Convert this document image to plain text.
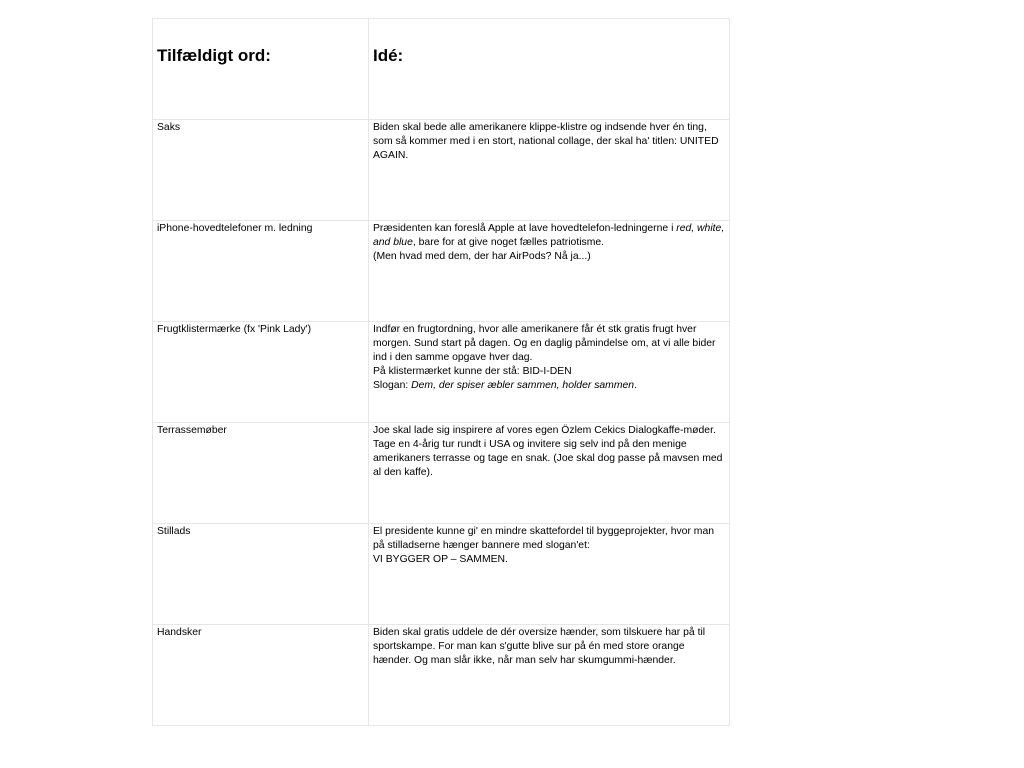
Tilfældigt ord:	Idé:
Saks	Biden skal bede alle amerikanere klippe-klistre og indsende hver én ting, som så kommer med i en stort, national collage, der skal ha' titlen: UNITED AGAIN.

iPhone-hovedtelefoner m. ledning	Præsidenten kan foreslå Apple at lave hovedtelefon-ledningerne i red, white, and blue, bare for at give noget fælles patriotisme.
(Men hvad med dem, der har AirPods? Nå ja...)

Frugtklistermærke (fx 'Pink Lady')	Indfør en frugtordning, hvor alle amerikanere får ét stk gratis frugt hver morgen. Sund start på dagen. Og en daglig påmindelse om, at vi alle bider ind i den samme opgave hver dag.
På klistermærket kunne der stå: BID-I-DEN
Slogan: Dem, der spiser æbler sammen, holder sammen.

Terrassemøber	Joe skal lade sig inspirere af vores egen Özlem Cekics Dialogkaffe-møder. Tage en 4-årig tur rundt i USA og invitere sig selv ind på den menige amerikaners terrasse og tage en snak. (Joe skal dog passe på mavsen med al den kaffe).

Stillads	El presidente kunne gi' en mindre skattefordel til byggeprojekter, hvor man på stilladserne hænger bannere med slogan'et:
VI BYGGER OP – SAMMEN.

Handsker	Biden skal gratis uddele de dér oversize hænder, som tilskuere har på til sportskampe. For man kan s'gutte blive sur på én med store orange hænder. Og man slår ikke, når man selv har skumgummi-hænder.
